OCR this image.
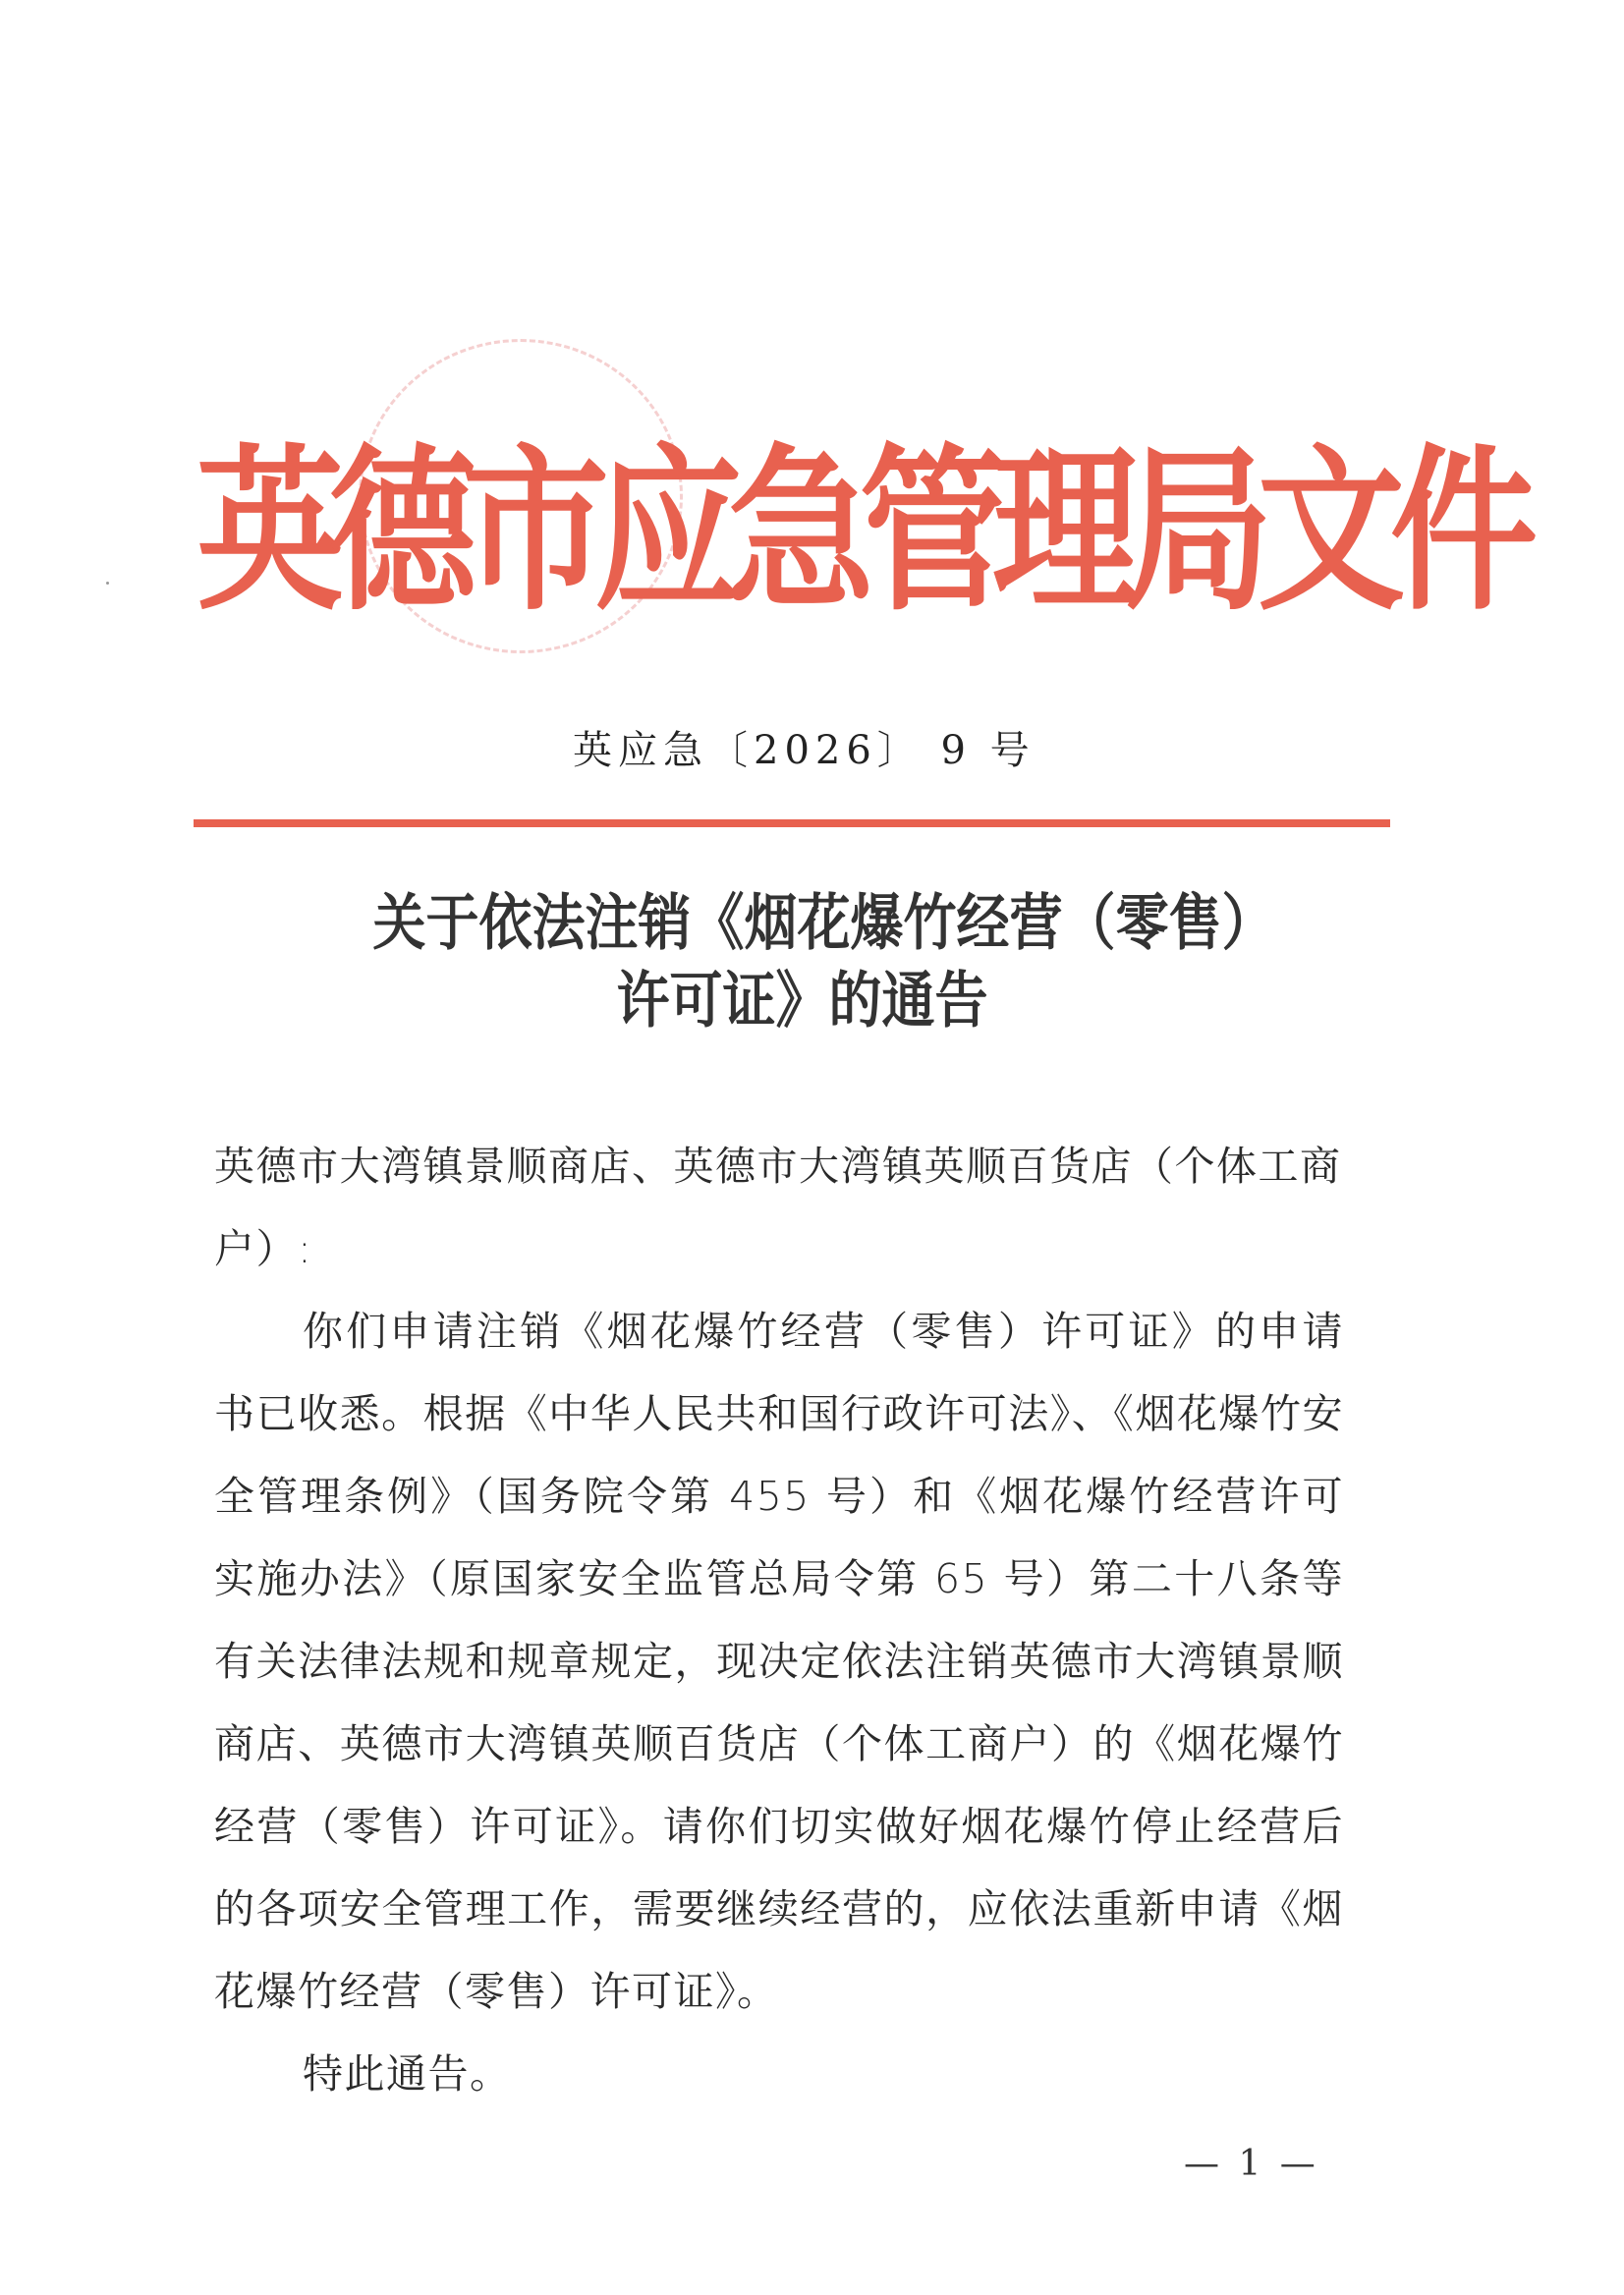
英
德
市
应
急
管
理
局
文
件
英应急〔2026〕 9 号
关于依法注销《烟花爆竹经营（零售）
许可证》的通告

英德市大湾镇景顺商店、英德市大湾镇英顺百货店（个体工商户）:

你们申请注销《烟花爆竹经营（零售）许可证》的申请书已收悉。根据《中华人民共和国行政许可法》、《烟花爆竹安全管理条例》（国务院令第 455 号）和《烟花爆竹经营许可实施办法》（原国家安全监管总局令第 65 号）第二十八条等有关法律法规和规章规定，现决定依法注销英德市大湾镇景顺商店、英德市大湾镇英顺百货店（个体工商户）的《烟花爆竹经营（零售）许可证》。请你们切实做好烟花爆竹停止经营后的各项安全管理工作，需要继续经营的，应依法重新申请《烟花爆竹经营（零售）许可证》。

特此通告。

— 1 —
